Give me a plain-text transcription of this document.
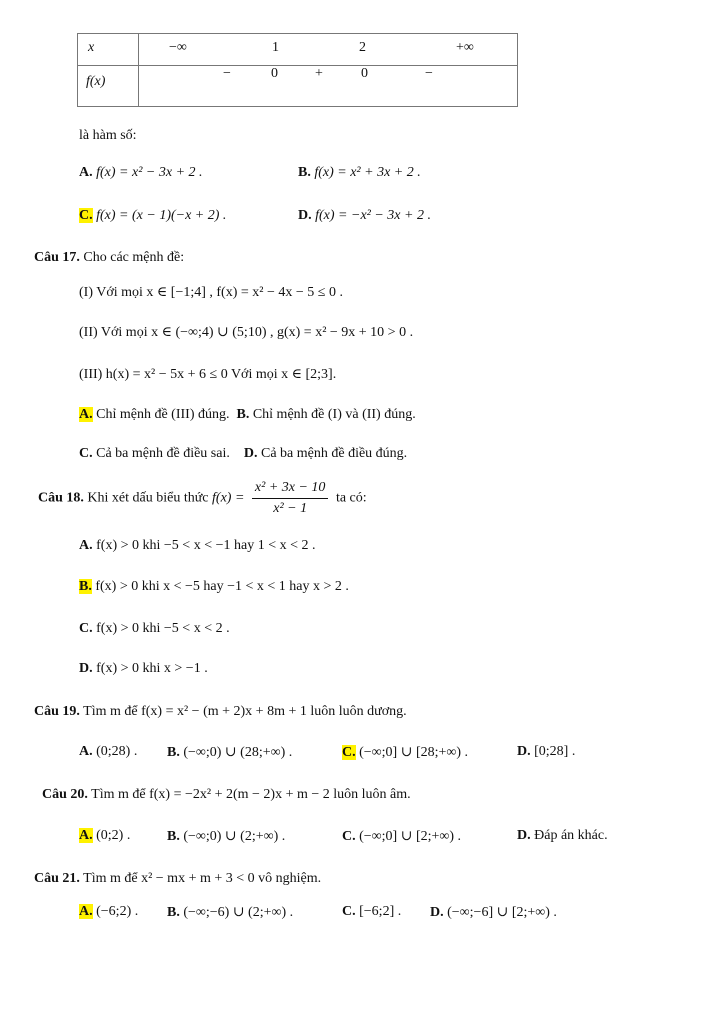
x	−∞ 1 2 +∞

f(x)	− 0 + 0 −
là hàm số:
A. f(x) = x² − 3x + 2 .	B. f(x) = x² + 3x + 2 .
C. f(x) = (x − 1)(−x + 2) .	D. f(x) = −x² − 3x + 2 .
Câu 17. Cho các mệnh đề:
(I) Với mọi x ∈ [−1;4] , f(x) = x² − 4x − 5 ≤ 0 .
(II) Với mọi x ∈ (−∞;4) ∪ (5;10) , g(x) = x² − 9x + 10 > 0 .
(III) h(x) = x² − 5x + 6 ≤ 0 Với mọi x ∈ [2;3].
A. Chỉ mệnh đề (III) đúng. B. Chỉ mệnh đề (I) và (II) đúng.
C. Cả ba mệnh đề điều sai. D. Cả ba mệnh đề điều đúng.
Câu 18. Khi xét dấu biểu thức $f(x) = \frac{\text{x² + 3x − 10}}{\text{x² − 1}}$ ta có:
A. f(x) > 0 khi −5 < x < −1 hay 1 < x < 2 .
B. f(x) > 0 khi x < −5 hay −1 < x < 1 hay x > 2 .
C. f(x) > 0 khi −5 < x < 2 .
D. f(x) > 0 khi x > −1 .
Câu 19. Tìm m để f(x) = x² − (m + 2)x + 8m + 1 luôn luôn dương.
A. (0;28) . B. (−∞;0) ∪ (28;+∞) .	C. (−∞;0] ∪ [28;+∞) .	D. [0;28] .
Câu 20. Tìm m để f(x) = −2x² + 2(m − 2)x + m − 2 luôn luôn âm.
A. (0;2) .	B. (−∞;0) ∪ (2;+∞) .	C. (−∞;0] ∪ [2;+∞) .	D. Đáp án khác.
Câu 21. Tìm m để x² − mx + m + 3 < 0 vô nghiệm.
A. (−6;2) . B. (−∞;−6) ∪ (2;+∞) .	C. [−6;2] . D. (−∞;−6] ∪ [2;+∞) .
